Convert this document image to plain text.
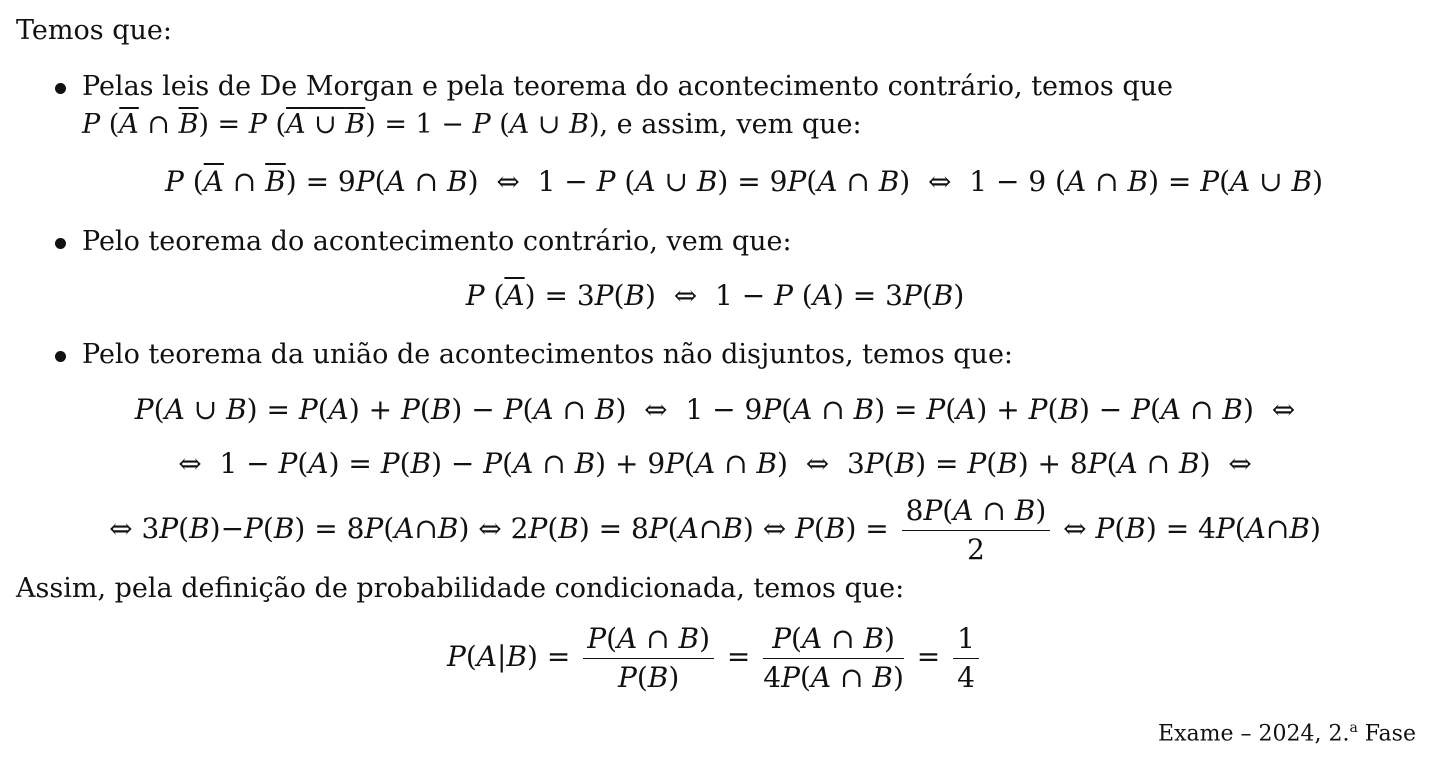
Temos que:
Pelas leis de De Morgan e pela teorema do acontecimento contrário, temos que
P ($\overline{A}$ ∩ $\overline{B}) = P$ (A ∪ B) = 1 − P (A ∪ B), e assim, vem que:
P ($\overline{A}$ ∩ $\overline{B}) = 9P(A$ ∩ B)  ⇔  1 − P (A ∪ B) = 9P(A ∩ B)  ⇔  1 − 9 (A ∩ B) = P(A ∪ B)
Pelo teorema do acontecimento contrário, vem que:
P $(\overline{A}) = 3P(B)$  ⇔  1 − P (A) = 3P(B)
Pelo teorema da união de acontecimentos não disjuntos, temos que:
P(A ∪ B) = P(A) + P(B) − P(A ∩ B)  ⇔  1 − 9P(A ∩ B) = P(A) + P(B) − P(A ∩ B)  ⇔
⇔  1 − P(A) = P(B) − P(A ∩ B) + 9P(A ∩ B)  ⇔  3P(B) = P(B) + 8P(A ∩ B)  ⇔
⇔ 3P(B)−P(B) = 8P(A∩B) ⇔ 2P(B) = 8P(A∩B) ⇔ $P(B) = \frac{8P(A \cap B)}{2}$ ⇔ P(B) = 4P(A∩B)
Assim, pela definição de probabilidade condicionada, temos que:
$P(A|B) = \frac{P(A \cap B)}{P(B)} = \frac{P(A \cap B)}{4P(A \cap B)} = \frac{1}{4}$
Exame – 2024, 2.$^a$ Fase
